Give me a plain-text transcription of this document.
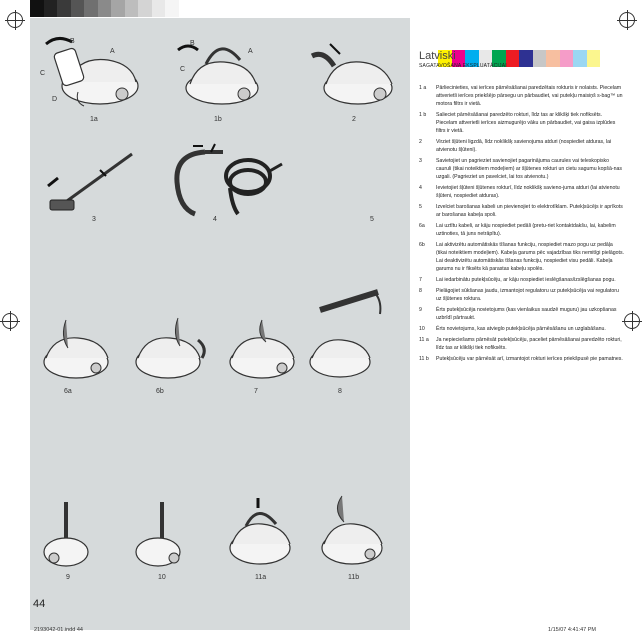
B
A
C
D
1a
B
A
C
1b	2
3	4	5
6a	6b	7	8
9	10	11a	11b
44
2193042-01.indd 44	1/15/07 4:41:47 PM
Latviski
SAGATAVOŠANA EKSPLUATĀCIJAI
1 a	Pārliecinieties, vai ierīces pārnēsāšanai paredzētais rokturis ir nolaists. Piecelam attverietli ierīces priekšējo pārsegu un pārbaudiet, vai putekļu maisiņš s-bag™ un motora filtrs ir vietā.
1 b	Salieciet pārnēsāšanai paredzēto rokturi, līdz tas ar klikšķi tiek nofiksēts. Piecelam attverietli ierīces aizmugurējo vāku un pārbaudiet, vai gaisa izplūdes filtrs ir vietā.
2	Virziet šļūteni ligzdā, līdz noklikšķ savienojuma atduri (nospiediet atduras, lai atvienotu šļūteni).
3	Savietojiet un pagrieziet savienojiet pagarinājuma caurules vai teleskopisko cauruli (tikai noteiktiem modeļiem) ar šļūtenes rokturi un cietu sagumu kopšā-nas uzgali. (Pagrieziet un pavelciet, lai tos atvienotu.)
4	Ievietojiet šļūteni šļūtenes rokturī, līdz noklikšķ savieno-juma atduri (lai atvienotu šļūteni, nospiediet atduras).
5	Izvelciet barošanas kabeli un pievienojiet to elektrotīklam. Putekļsūcējs ir aprīkots ar barošanas kabeļa spoli.
6a	Lai uztītu kabeli, ar kāju nospiediet pedāli (pretu-riet kontaktdakšu, lai, kabelim uztinoties, tā juns netrāpītu).
6b	Lai aktivizētu automātiskās tīšanas funkciju, nospiediet mazo pogu uz pedāļa (tikai noteiktiem modeļiem). Kabeļa garums pēc vajadzības tiks nemitīgi pielāgots. Lai deaktivizētu automātiskās tīšanas funkciju, nospiediet visu pedāli. Kabeļa garums nu ir fiksēts kā parastas kabeļu spolēs.
7	Lai iedarbinātu putekļsūcēju, ar kāju nospiediet ieslēgšanas/izslēgšanas pogu.
8	Pielāgojiet sūkšanas jaudu, izmantojot regulatoru uz putekļsūcēja vai regulatoru uz šļūtenes rokturа.
9	Ērts putekļsūcēja novietojums (kas vienlaikus saudzē muguru) jau uzkopšanas uzbrīdī pārtraukt.
10	Ērts novietojums, kas atvieglo putekļsūcēja pārnēsāšanu un uzglabāšanu.
11 a	Ja nepieciešams pārnēsāt putekļsūcēju, paceliet pārnēsāšanai paredzēto rokturi, līdz tas ar klikšķi tiek nofiksēts.
11 b	Putekļsūcēju var pārnēsāt arī, izmantojot rokturi ierīces priekšpusē pie pamatnes.
